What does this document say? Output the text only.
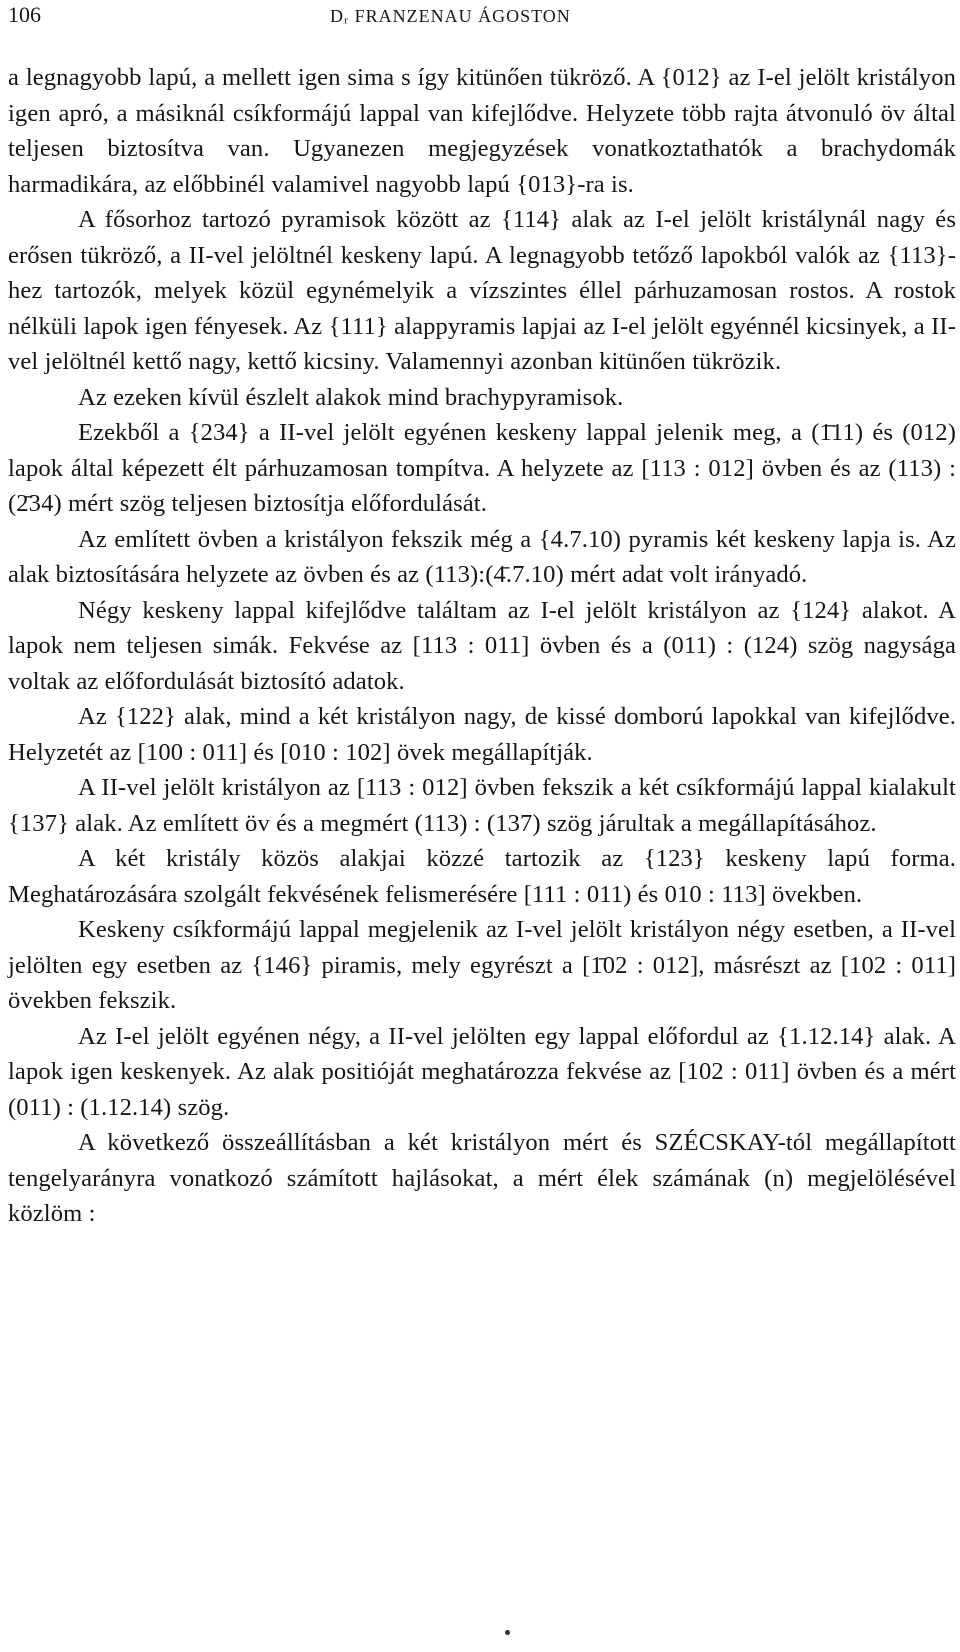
106	Dᵣ FRANZENAU ÁGOSTON

a legnagyobb lapú, a mellett igen sima s így kitünően tükröző. A {012} az I-el jelölt kristályon igen apró, a másiknál csíkformájú lappal van kifejlődve. Helyzete több rajta átvonuló öv által teljesen biztosítva van. Ugyanezen megjegyzések vonatkoztathatók a brachydomák harmadikára, az előbbinél valamivel nagyobb lapú {013}-ra is.

A fősorhoz tartozó pyramisok között az {114} alak az I-el jelölt kristálynál nagy és erősen tükröző, a II-vel jelöltnél keskeny lapú. A legnagyobb tetőző lapokból valók az {113}-hez tartozók, melyek közül egynémelyik a vízszintes éllel párhuzamosan rostos. A rostok nélküli lapok igen fényesek. Az {111} alappyramis lapjai az I-el jelölt egyénnél kicsinyek, a II-vel jelöltnél kettő nagy, kettő kicsiny. Valamennyi azonban kitünően tükrözik.

Az ezeken kívül észlelt alakok mind brachypyramisok.

Ezekből a {234} a II-vel jelölt egyénen keskeny lappal jelenik meg, a (1̄11) és (012) lapok által képezett élt párhuzamosan tompítva. A helyzete az [113 : 012] övben és az (113) : (2̄34) mért szög teljesen biztosítja előfordulását.

Az említett övben a kristályon fekszik még a {4.7.10) pyramis két keskeny lapja is. Az alak biztosítására helyzete az övben és az (113):(4̄.7.10) mért adat volt irányadó.

Négy keskeny lappal kifejlődve találtam az I-el jelölt kristályon az {124} alakot. A lapok nem teljesen simák. Fekvése az [113 : 011] övben és a (011) : (124) szög nagysága voltak az előfordulását biztosító adatok.

Az {122} alak, mind a két kristályon nagy, de kissé domború lapokkal van kifejlődve. Helyzetét az [100 : 011] és [010 : 102] övek megállapítják.

A II-vel jelölt kristályon az [113 : 012] övben fekszik a két csíkformájú lappal kialakult {137} alak. Az említett öv és a megmért (113) : (137) szög járultak a megállapításához.

A két kristály közös alakjai közzé tartozik az {123} keskeny lapú forma. Meghatározására szolgált fekvésének felismerésére [111 : 011) és 010 : 113] övekben.

Keskeny csíkformájú lappal megjelenik az I-vel jelölt kristályon négy esetben, a II-vel jelölten egy esetben az {146} piramis, mely egyrészt a [1̄02 : 012], másrészt az [102 : 011] övekben fekszik.

Az I-el jelölt egyénen négy, a II-vel jelölten egy lappal előfordul az {1.12.14} alak. A lapok igen keskenyek. Az alak positióját meghatározza fekvése az [102 : 011] övben és a mért (011) : (1.12.14) szög.

A következő összeállításban a két kristályon mért és SZÉCSKAY-tól megállapított tengelyarányra vonatkozó számított hajlásokat, a mért élek számának (n) megjelölésével közlöm :
